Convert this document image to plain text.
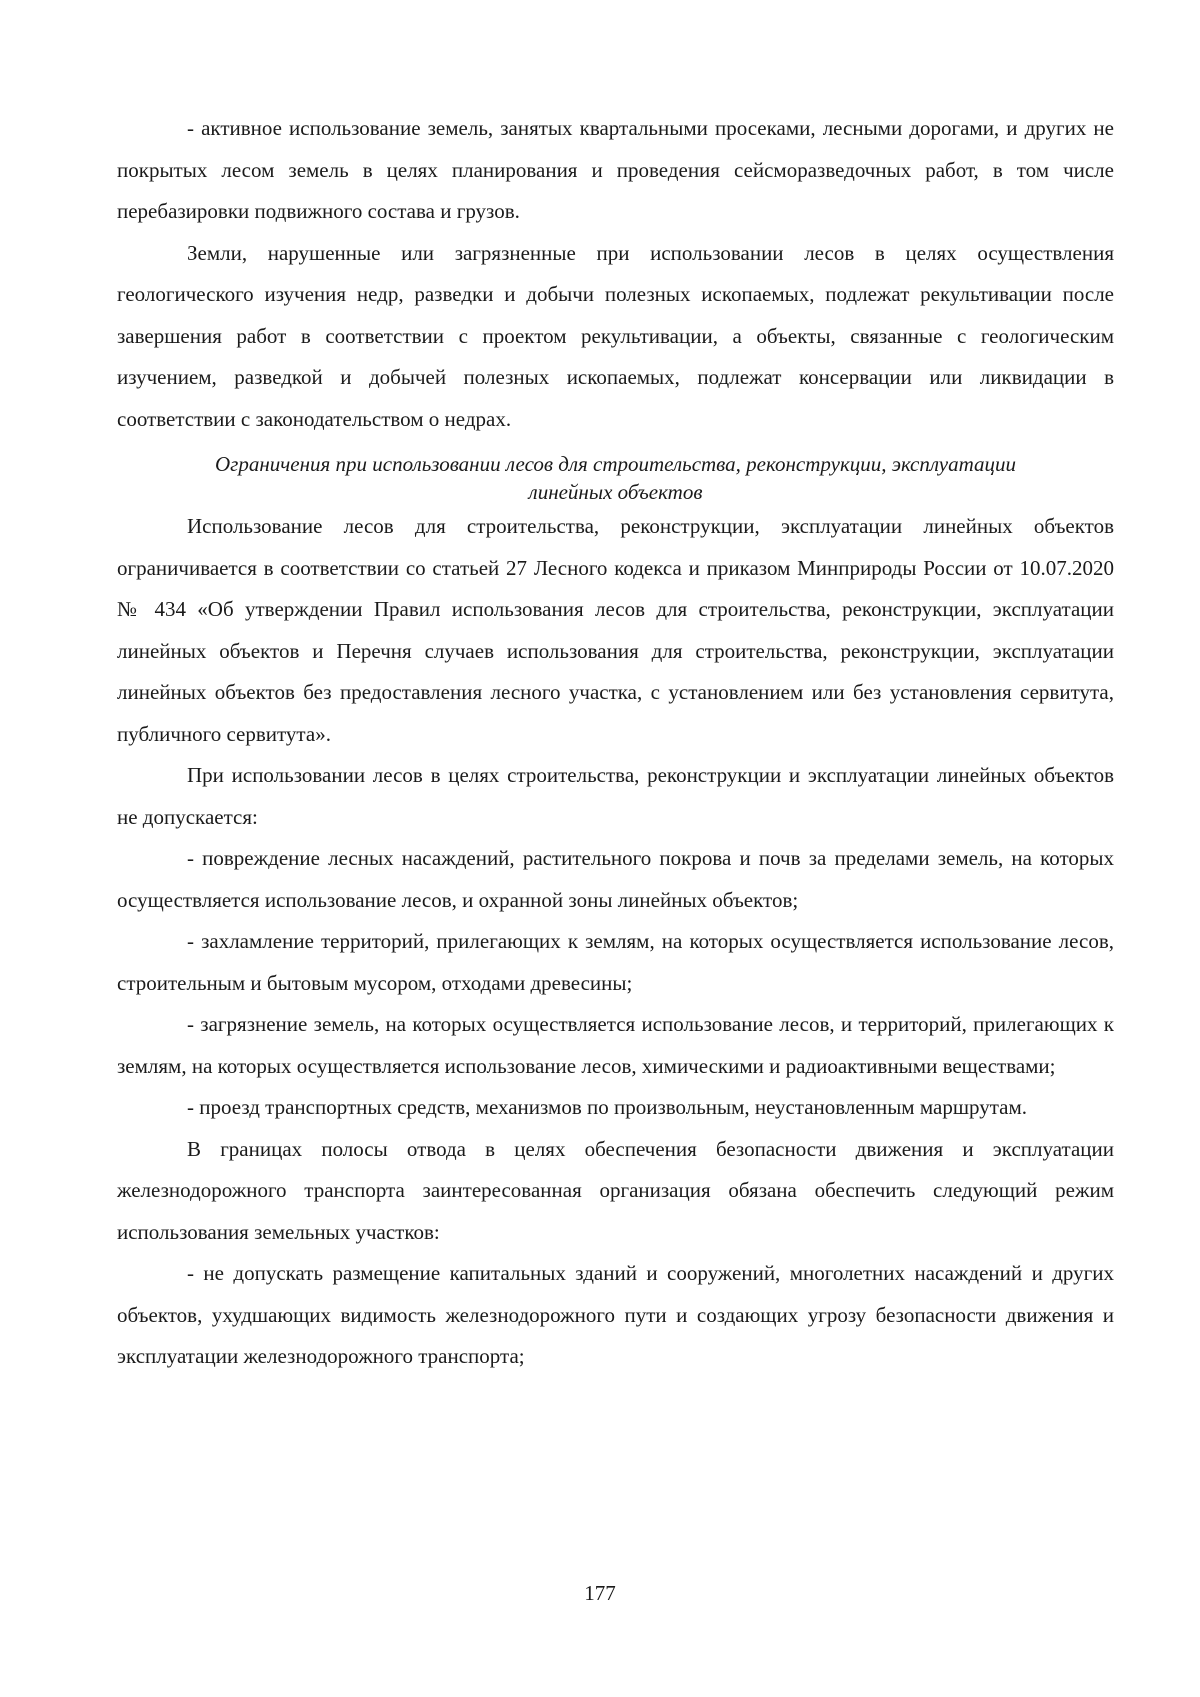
- активное использование земель, занятых квартальными просеками, лесными дорогами, и других не покрытых лесом земель в целях планирования и проведения сейсморазведочных работ, в том числе перебазировки подвижного состава и грузов.

Земли, нарушенные или загрязненные при использовании лесов в целях осуществления геологического изучения недр, разведки и добычи полезных ископаемых, подлежат рекультивации после завершения работ в соответствии с проектом рекультивации, а объекты, связанные с геологическим изучением, разведкой и добычей полезных ископаемых, подлежат консервации или ликвидации в соответствии с законодательством о недрах.

Ограничения при использовании лесов для строительства, реконструкции, эксплуатации
линейных объектов

Использование лесов для строительства, реконструкции, эксплуатации линейных объектов ограничивается в соответствии со статьей 27 Лесного кодекса и приказом Минприроды России от 10.07.2020 № 434 «Об утверждении Правил использования лесов для строительства, реконструкции, эксплуатации линейных объектов и Перечня случаев использования для строительства, реконструкции, эксплуатации линейных объектов без предоставления лесного участка, с установлением или без установления сервитута, публичного сервитута».

При использовании лесов в целях строительства, реконструкции и эксплуатации линейных объектов не допускается:

- повреждение лесных насаждений, растительного покрова и почв за пределами земель, на которых осуществляется использование лесов, и охранной зоны линейных объектов;

- захламление территорий, прилегающих к землям, на которых осуществляется использование лесов, строительным и бытовым мусором, отходами древесины;

- загрязнение земель, на которых осуществляется использование лесов, и территорий, прилегающих к землям, на которых осуществляется использование лесов, химическими и радиоактивными веществами;

- проезд транспортных средств, механизмов по произвольным, неустановленным маршрутам.

В границах полосы отвода в целях обеспечения безопасности движения и эксплуатации железнодорожного транспорта заинтересованная организация обязана обеспечить следующий режим использования земельных участков:

- не допускать размещение капитальных зданий и сооружений, многолетних насаждений и других объектов, ухудшающих видимость железнодорожного пути и создающих угрозу безопасности движения и эксплуатации железнодорожного транспорта;

177
